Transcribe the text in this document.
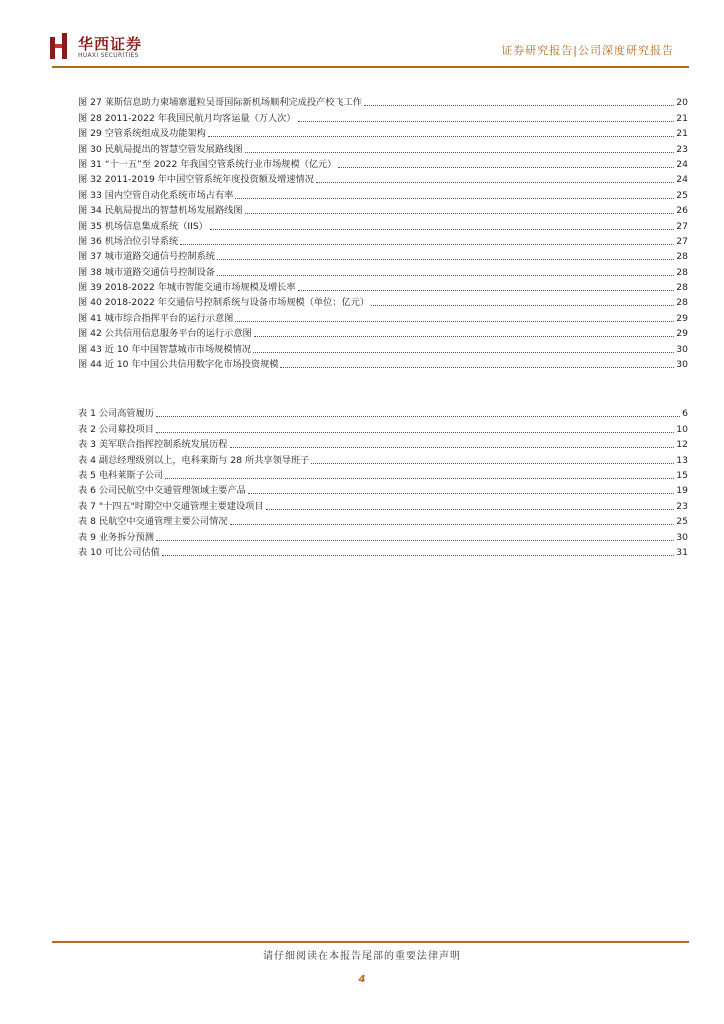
华西证券
HUAXI SECURITIES	证券研究报告|公司深度研究报告
图 27 莱斯信息助力柬埔寨暹粒吴哥国际新机场顺利完成投产校飞工作	20
图 28 2011-2022 年我国民航月均客运量（万人次）	21
图 29 空管系统组成及功能架构	21
图 30 民航局提出的智慧空管发展路线图	23
图 31 “十一五”至 2022 年我国空管系统行业市场规模（亿元）	24
图 32 2011-2019 年中国空管系统年度投资额及增速情况	24
图 33 国内空管自动化系统市场占有率	25
图 34 民航局提出的智慧机场发展路线图	26
图 35 机场信息集成系统（IIS）	27
图 36 机场泊位引导系统	27
图 37 城市道路交通信号控制系统	28
图 38 城市道路交通信号控制设备	28
图 39 2018-2022 年城市智能交通市场规模及增长率	28
图 40 2018-2022 年交通信号控制系统与设备市场规模（单位：亿元）	28
图 41 城市综合指挥平台的运行示意图	29
图 42 公共信用信息服务平台的运行示意图	29
图 43 近 10 年中国智慧城市市场规模情况	30
图 44 近 10 年中国公共信用数字化市场投资规模	30
表 1 公司高管履历	6
表 2 公司募投项目	10
表 3 美军联合指挥控制系统发展历程	12
表 4 副总经理级别以上，电科莱斯与 28 所共享领导班子	13
表 5 电科莱斯子公司	15
表 6 公司民航空中交通管理领域主要产品	19
表 7 "十四五"时期空中交通管理主要建设项目	23
表 8 民航空中交通管理主要公司情况	25
表 9 业务拆分预测	30
表 10 可比公司估值	31
请仔细阅读在本报告尾部的重要法律声明
4
